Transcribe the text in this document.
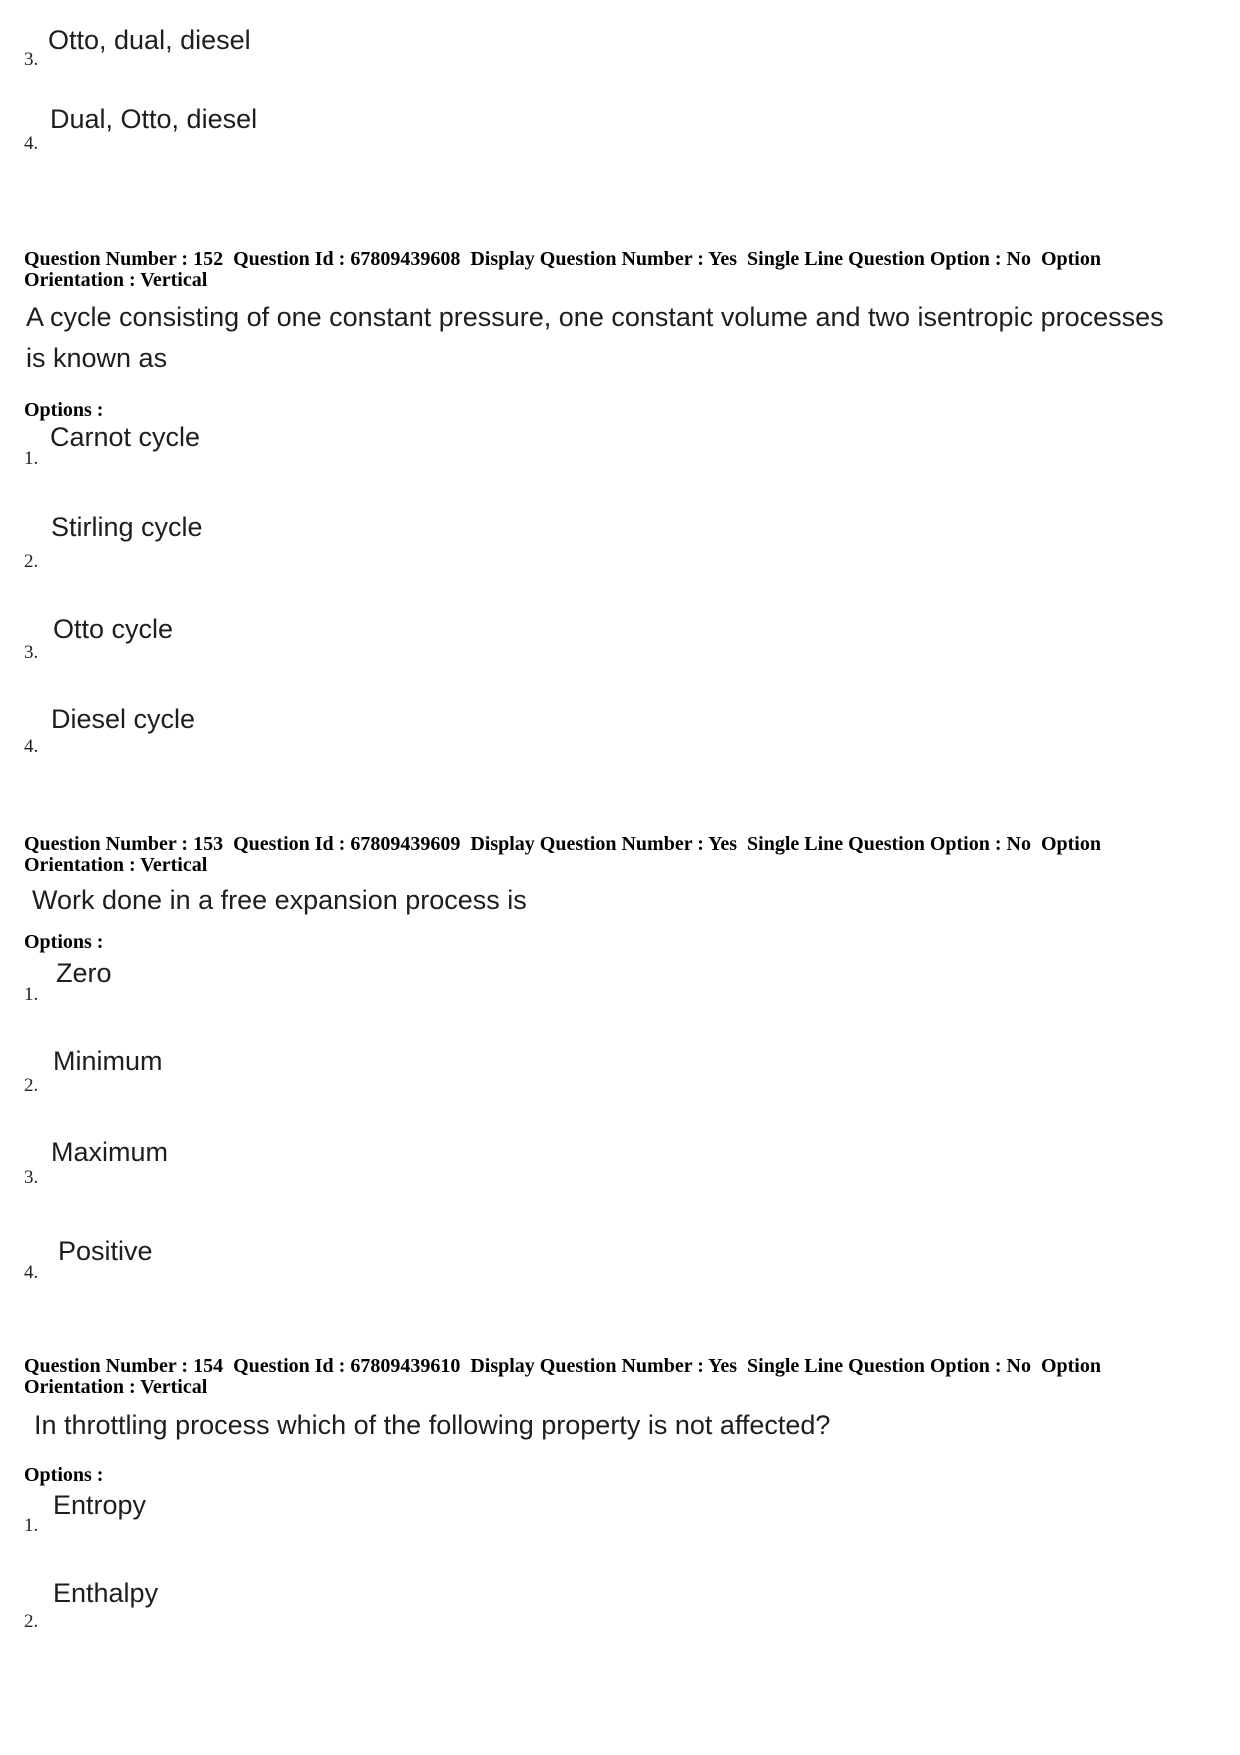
3.
Otto, dual, diesel
4.
Dual, Otto, diesel
Question Number : 152  Question Id : 67809439608  Display Question Number : Yes  Single Line Question Option : No  Option Orientation : Vertical
A cycle consisting of one constant pressure, one constant volume and two isentropic processes is known as
Options :
1.
Carnot cycle
2.
Stirling cycle
3.
Otto cycle
4.
Diesel cycle
Question Number : 153  Question Id : 67809439609  Display Question Number : Yes  Single Line Question Option : No  Option Orientation : Vertical
Work done in a free expansion process is
Options :
1.
Zero
2.
Minimum
3.
Maximum
4.
Positive
Question Number : 154  Question Id : 67809439610  Display Question Number : Yes  Single Line Question Option : No  Option Orientation : Vertical
In throttling process which of the following property is not affected?
Options :
1.
Entropy
2.
Enthalpy
